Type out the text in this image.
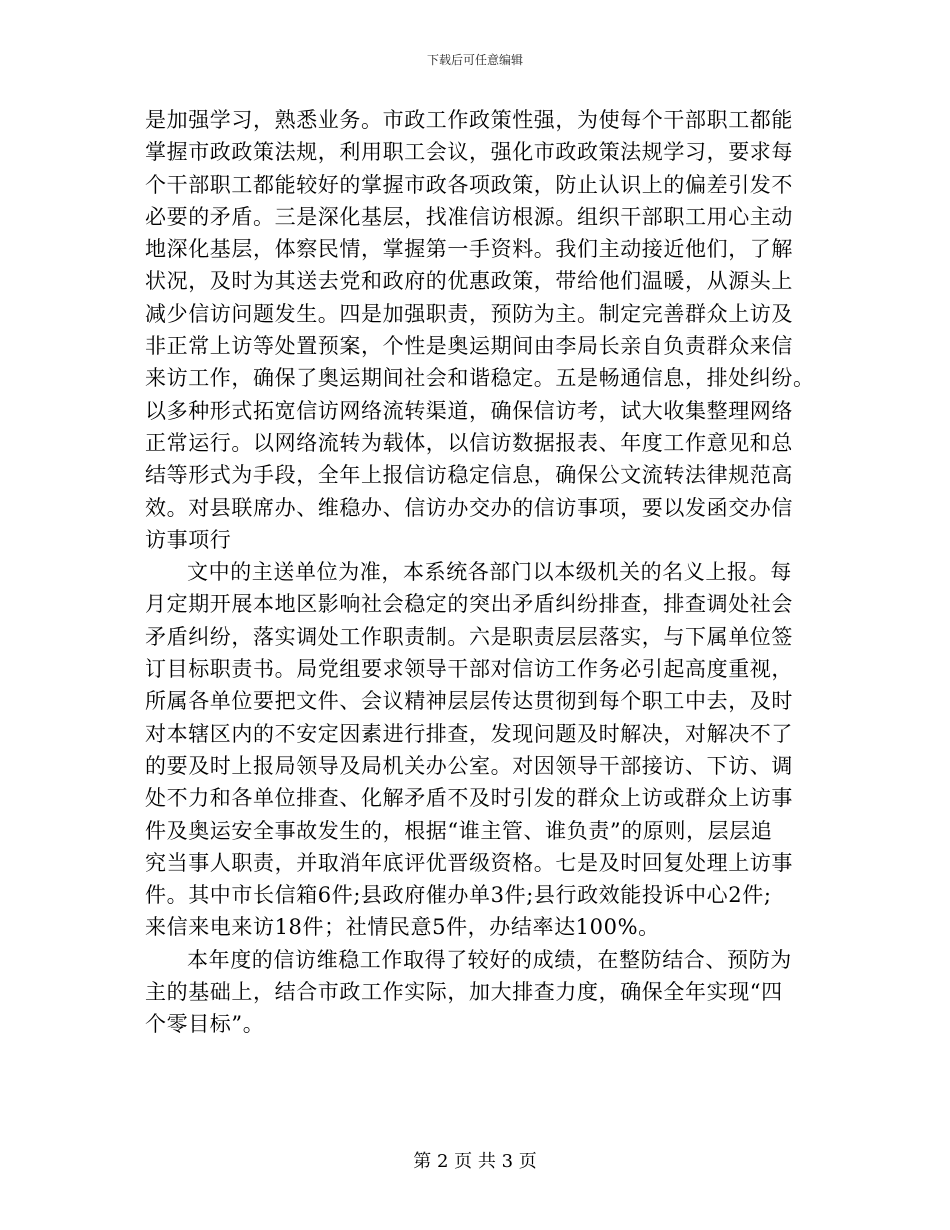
下载后可任意编辑
是加强学习，熟悉业务。市政工作政策性强，为使每个干部职工都能
掌握市政政策法规，利用职工会议，强化市政政策法规学习，要求每
个干部职工都能较好的掌握市政各项政策，防止认识上的偏差引发不
必要的矛盾。三是深化基层，找准信访根源。组织干部职工用心主动
地深化基层，体察民情，掌握第一手资料。我们主动接近他们，了解
状况，及时为其送去党和政府的优惠政策，带给他们温暖，从源头上
减少信访问题发生。四是加强职责，预防为主。制定完善群众上访及
非正常上访等处置预案，个性是奥运期间由李局长亲自负责群众来信
来访工作，确保了奥运期间社会和谐稳定。五是畅通信息，排处纠纷。
以多种形式拓宽信访网络流转渠道，确保信访考，试大收集整理网络
正常运行。以网络流转为载体，以信访数据报表、年度工作意见和总
结等形式为手段，全年上报信访稳定信息，确保公文流转法律规范高
效。对县联席办、维稳办、信访办交办的信访事项，要以发函交办信
访事项行
文中的主送单位为准，本系统各部门以本级机关的名义上报。每
月定期开展本地区影响社会稳定的突出矛盾纠纷排查，排查调处社会
矛盾纠纷，落实调处工作职责制。六是职责层层落实，与下属单位签
订目标职责书。局党组要求领导干部对信访工作务必引起高度重视，
所属各单位要把文件、会议精神层层传达贯彻到每个职工中去，及时
对本辖区内的不安定因素进行排查，发现问题及时解决，对解决不了
的要及时上报局领导及局机关办公室。对因领导干部接访、下访、调
处不力和各单位排查、化解矛盾不及时引发的群众上访或群众上访事
件及奥运安全事故发生的，根据“谁主管、谁负责”的原则，层层追
究当事人职责，并取消年底评优晋级资格。七是及时回复处理上访事
件。其中市长信箱6件;县政府催办单3件;县行政效能投诉中心2件;
来信来电来访18件；社情民意5件，办结率达100%。
本年度的信访维稳工作取得了较好的成绩，在整防结合、预防为
主的基础上，结合市政工作实际，加大排查力度，确保全年实现“四
个零目标”。
第 2 页 共 3 页
